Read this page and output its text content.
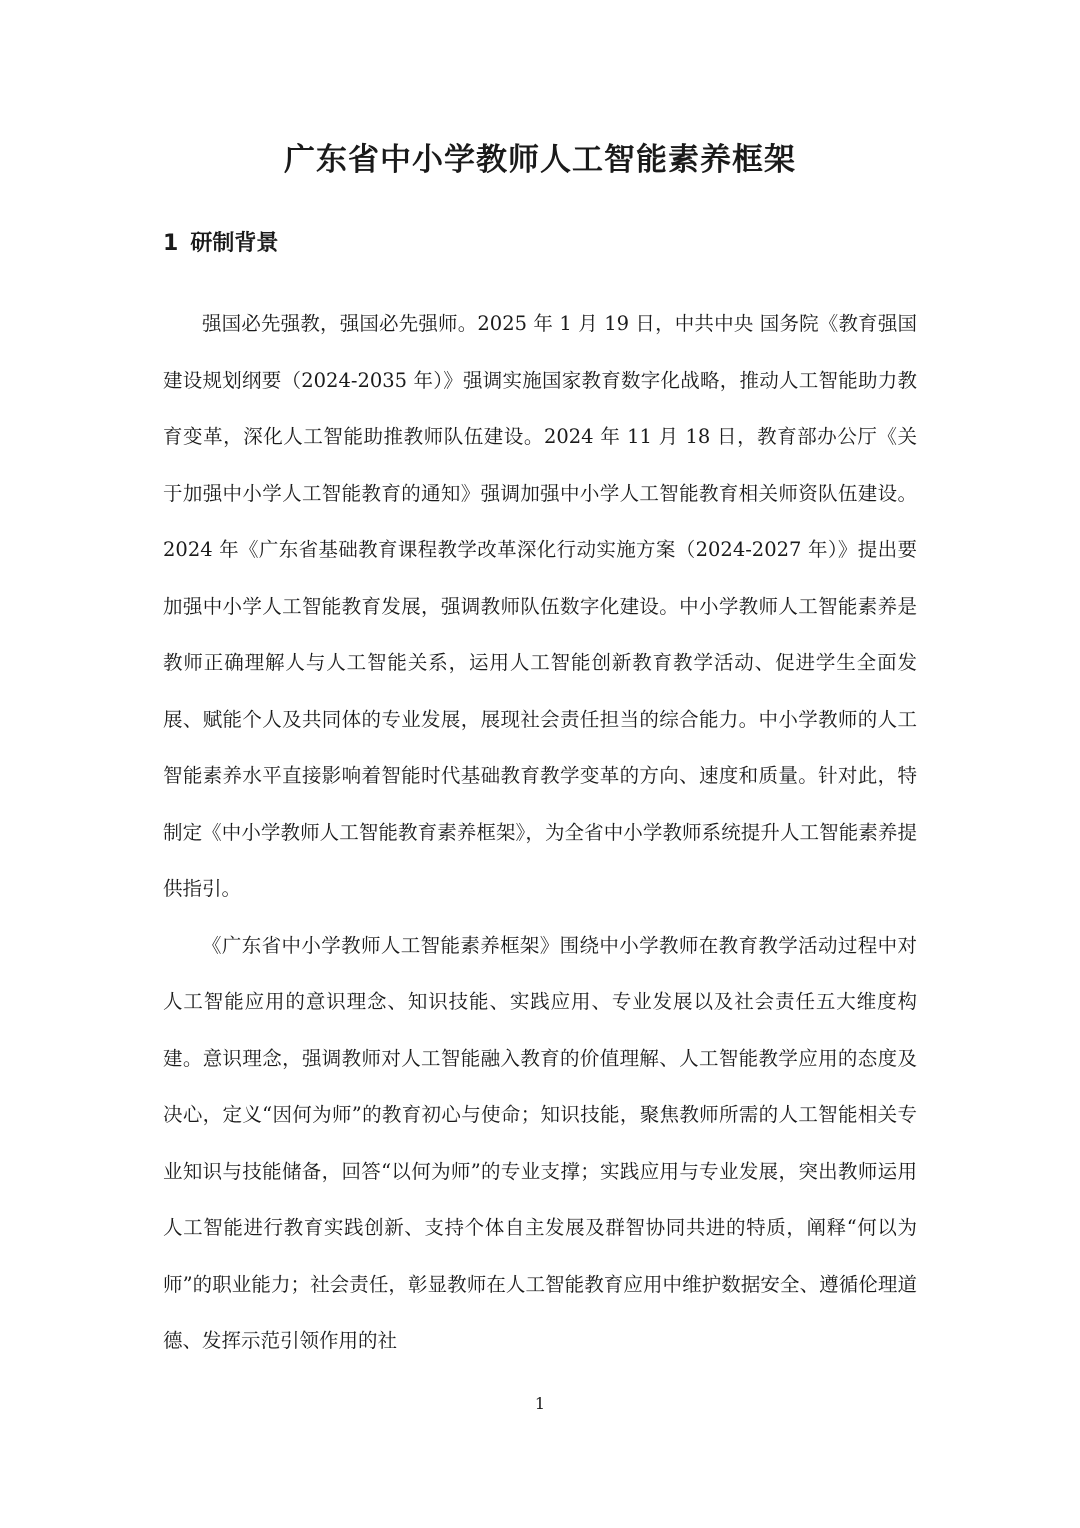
广东省中小学教师人工智能素养框架
1 研制背景

强国必先强教，强国必先强师。2025 年 1 月 19 日，中共中央 国务院《教育强国建设规划纲要（2024-2035 年）》强调实施国家教育数字化战略，推动人工智能助力教育变革，深化人工智能助推教师队伍建设。2024 年 11 月 18 日，教育部办公厅《关于加强中小学人工智能教育的通知》强调加强中小学人工智能教育相关师资队伍建设。2024 年《广东省基础教育课程教学改革深化行动实施方案（2024-2027 年）》提出要加强中小学人工智能教育发展，强调教师队伍数字化建设。中小学教师人工智能素养是教师正确理解人与人工智能关系，运用人工智能创新教育教学活动、促进学生全面发展、赋能个人及共同体的专业发展，展现社会责任担当的综合能力。中小学教师的人工智能素养水平直接影响着智能时代基础教育教学变革的方向、速度和质量。针对此，特制定《中小学教师人工智能教育素养框架》，为全省中小学教师系统提升人工智能素养提供指引。

《广东省中小学教师人工智能素养框架》围绕中小学教师在教育教学活动过程中对人工智能应用的意识理念、知识技能、实践应用、专业发展以及社会责任五大维度构建。意识理念，强调教师对人工智能融入教育的价值理解、人工智能教学应用的态度及决心，定义“因何为师”的教育初心与使命；知识技能，聚焦教师所需的人工智能相关专业知识与技能储备，回答“以何为师”的专业支撑；实践应用与专业发展，突出教师运用人工智能进行教育实践创新、支持个体自主发展及群智协同共进的特质，阐释“何以为师”的职业能力；社会责任，彰显教师在人工智能教育应用中维护数据安全、遵循伦理道德、发挥示范引领作用的社

1
